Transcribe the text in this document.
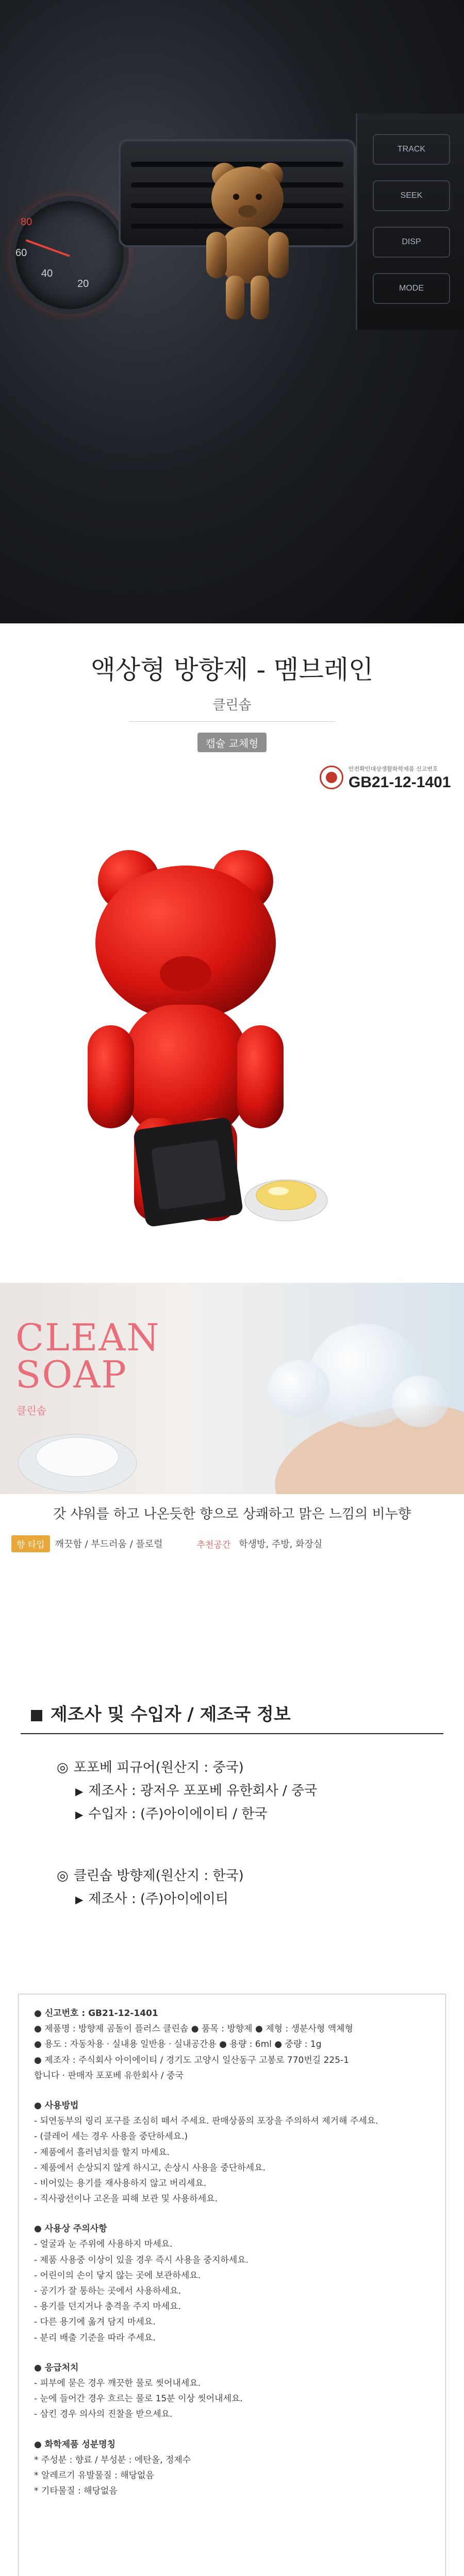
60
40
20
80
TRACK
SEEK
DISP
MODE
액상형 방향제 - 멤브레인
클린솝
캡슐 교체형
안전확인대상생활화학제품 신고번호
GB21-12-1401
CLEAN
SOAP
클린솝
갓 샤워를 하고 나온듯한 향으로 상쾌하고 맑은 느낌의 비누향
향 타입	깨끗함 / 부드러움 / 플로럴	추천공간 학생방, 주방, 화장실
제조사 및 수입자 / 제조국 정보
◎ 포포베 피규어(원산지 : 중국)
▶ 제조사 : 광저우 포포베 유한회사 / 중국
▶ 수입자 : (주)아이에이티 / 한국
◎ 클린솝 방향제(원산지 : 한국)
▶ 제조사 : (주)아이에이티

● 신고번호 : GB21-12-1401

● 제품명 : 방향제 곰돌이 플러스 클린솝 ● 품목 : 방향제 ● 제형 : 생분사형 액체형

● 용도 : 자동차용 · 실내용 일반용 · 실내공간용 ● 용량 : 6ml ● 중량 : 1g

● 제조자 : 주식회사 아이에이티 / 경기도 고양시 일산동구 고봉로 770번길 225-1

합니다 · 판매자 포포베 유한회사 / 중국

● 사용방법

- 되연동부의 링리 포구를 조심히 떼서 주세요. 판매상품의 포장을 주의하셔 제거해 주세요.

- (클레어 세는 경우 사용을 중단하세요.)

- 제품에서 흘러넘치를 할지 마세요.

- 제품에서 손상되지 않게 하시고, 손상시 사용을 중단하세요.

- 비어있는 용기를 재사용하지 않고 버리세요.

- 직사광선이나 고온을 피해 보관 및 사용하세요.

● 사용상 주의사항

- 얼굴과 눈 주위에 사용하지 마세요.

- 제품 사용중 이상이 있을 경우 즉시 사용을 중지하세요.

- 어린이의 손이 닿지 않는 곳에 보관하세요.

- 공기가 잘 통하는 곳에서 사용하세요.

- 용기를 던지거나 충격을 주지 마세요.

- 다른 용기에 옮겨 담지 마세요.

- 분리 배출 기준을 따라 주세요.

● 응급처치

- 피부에 묻은 경우 깨끗한 물로 씻어내세요.

- 눈에 들어간 경우 흐르는 물로 15분 이상 씻어내세요.

- 삼킨 경우 의사의 진찰을 받으세요.

● 화학제품 성분명칭

* 주성분 : 향료 / 부성분 : 에탄올, 정제수

* 알레르기 유발물질 : 해당없음

* 기타물질 : 해당없음
